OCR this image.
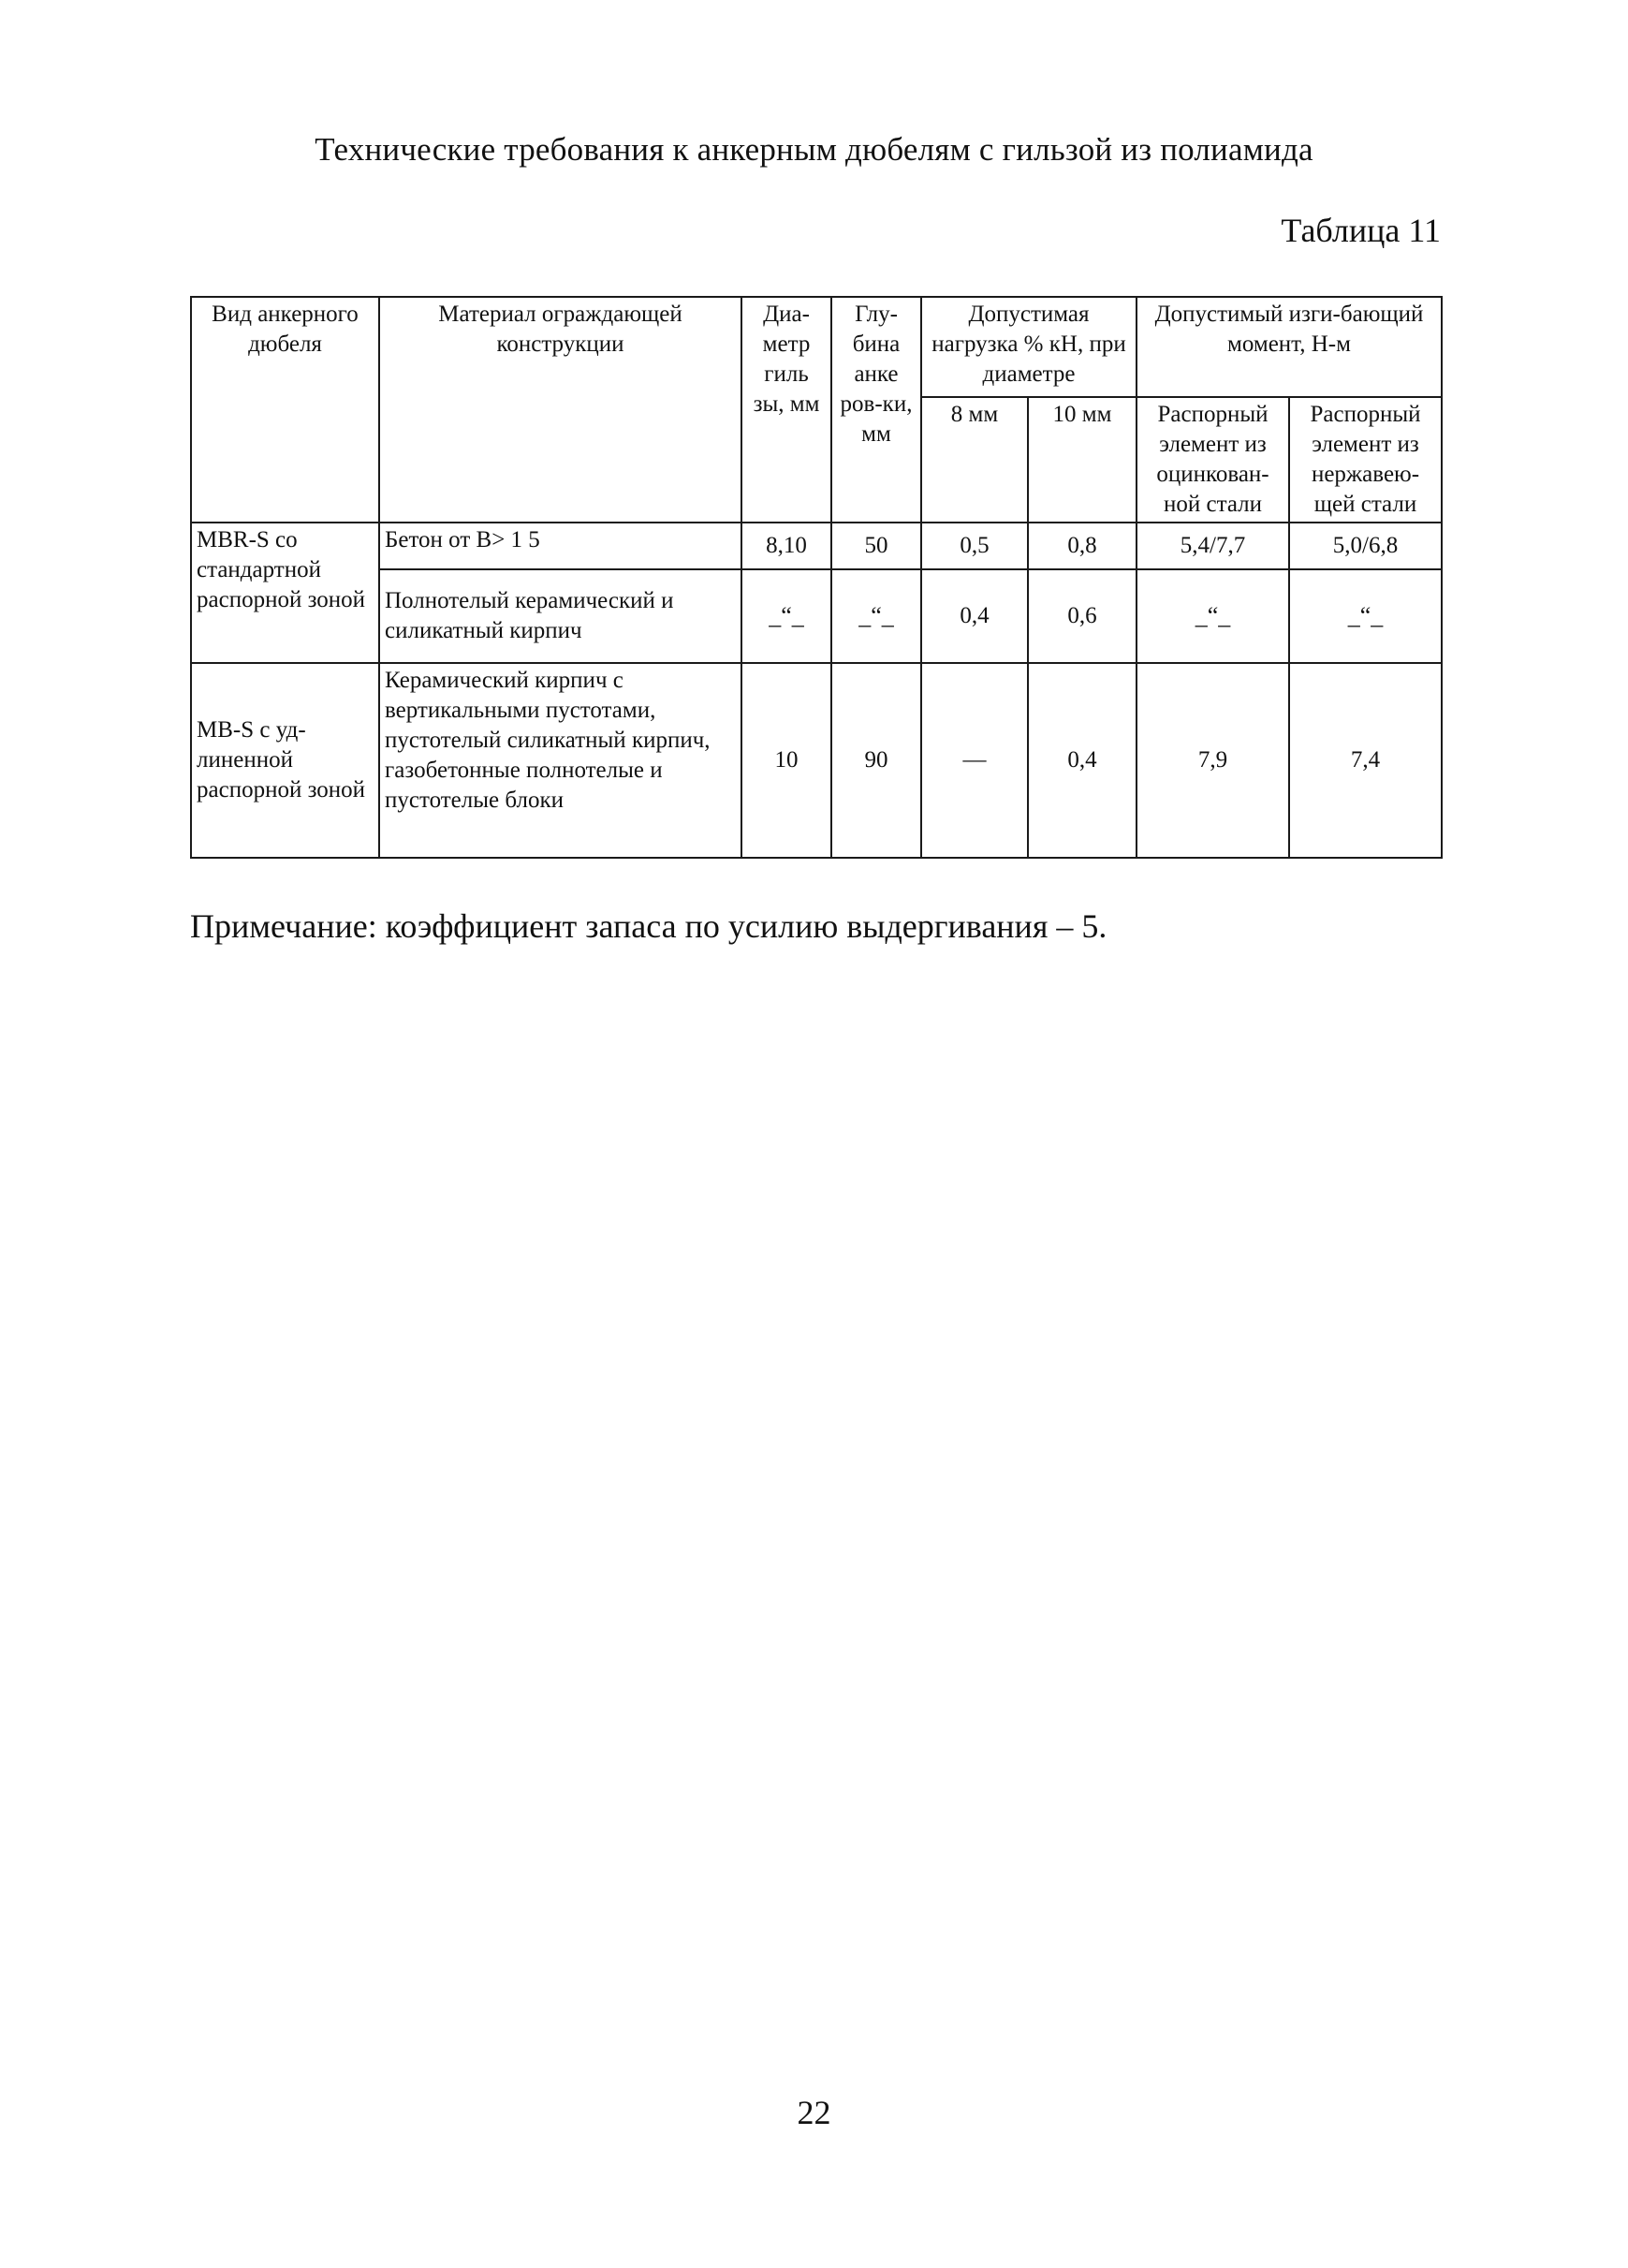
Технические требования к анкерным дюбелям с гильзой из полиамида
Таблица 11
Вид анкерного дюбеля	Материал ограждающей конструкции	Диа-метр гиль зы, мм	Глу-бина анке ров-ки, мм	Допустимая нагрузка % кН, при диаметре		Допустимый изги-бающий момент, Н-м	
				8 мм	10 мм	Распорный элемент из оцинкован-ной стали	Распорный элемент из нержавею-щей стали
MBR-S со стандартной распорной зоной	Бетон от В> 1 5	8,10	50	0,5	0,8	5,4/7,7	5,0/6,8
	Полнотелый керамический и силикатный кирпич	_“_	_“_	0,4	0,6	_“_	_“_
MB-S с уд-линенной распорной зоной	Керамический кирпич с вертикальными пустотами, пустотелый силикатный кирпич, газобетонные полнотелые и пустотелые блоки	10	90	—	0,4	7,9	7,4
Примечание: коэффициент запаса по усилию выдергивания – 5.
22
